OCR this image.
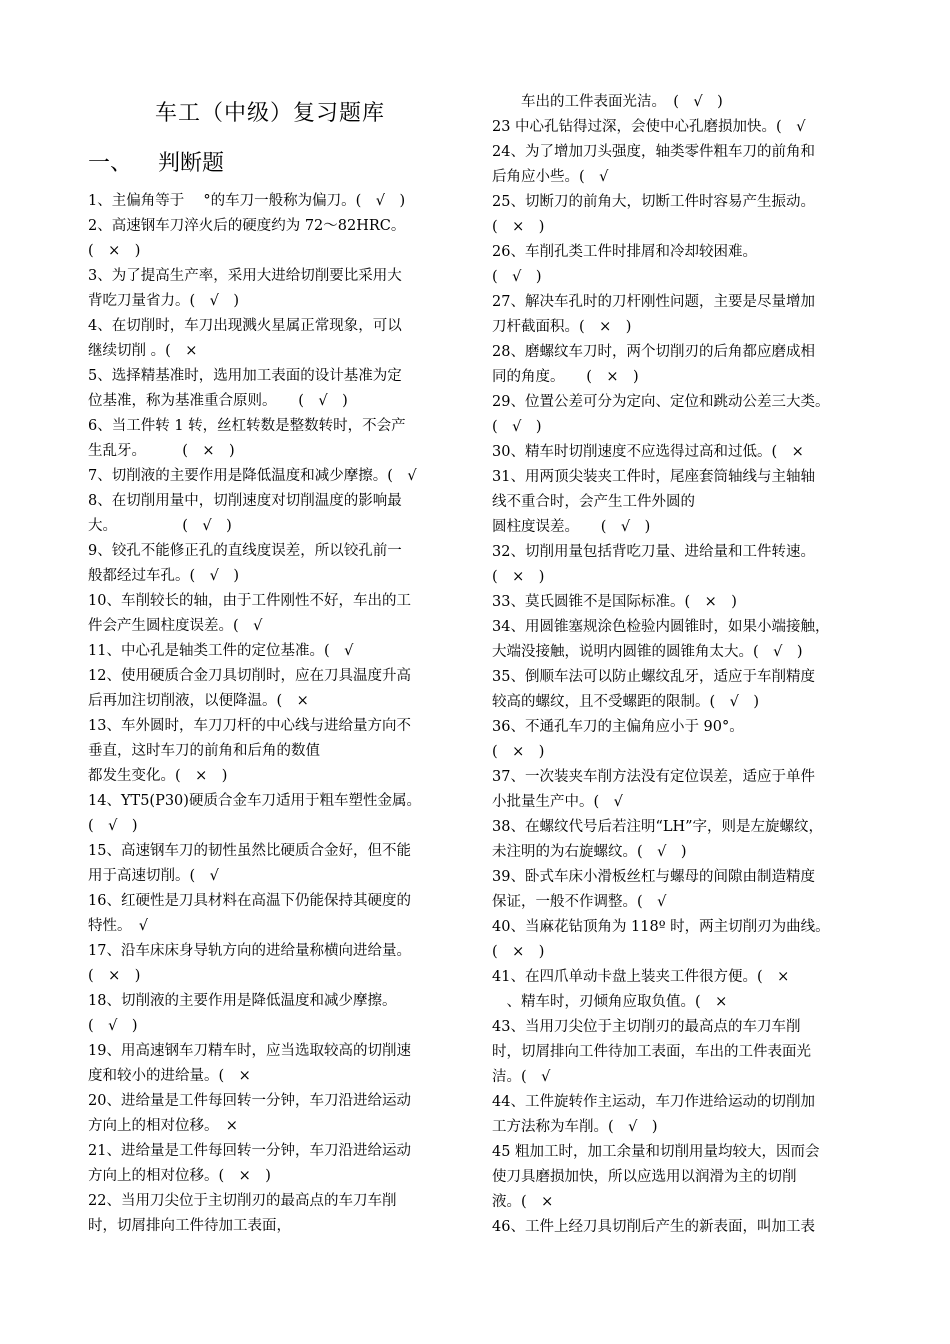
车工（中级）复习题库
一、 判断题
1、主偏角等于　 °的车刀一般称为偏刀。(　√　)
2、高速钢车刀淬火后的硬度约为 72～82HRC。
(　×　)
3、为了提高生产率，采用大进给切削要比采用大
背吃刀量省力。(　√　)
4、在切削时，车刀出现溅火星属正常现象，可以
继续切削 。(　×
5、选择精基准时，选用加工表面的设计基准为定
位基准，称为基准重合原则。　　(　√　)
6、当工件转 1 转，丝杠转数是整数转时，不会产
生乱牙。　　　(　×　)
7、切削液的主要作用是降低温度和减少摩擦。(　√
8、在切削用量中，切削速度对切削温度的影响最
大。　　　　　(　√　)
9、铰孔不能修正孔的直线度误差，所以铰孔前一
般都经过车孔。(　√　)
10、车削较长的轴，由于工件刚性不好，车出的工
件会产生圆柱度误差。(　√
11、中心孔是轴类工件的定位基准。(　√
12、使用硬质合金刀具切削时，应在刀具温度升高
后再加注切削液，以便降温。(　×
13、车外圆时，车刀刀杆的中心线与进给量方向不
垂直，这时车刀的前角和后角的数值
都发生变化。(　×　)
14、YT5(P30)硬质合金车刀适用于粗车塑性金属。
(　√　)
15、高速钢车刀的韧性虽然比硬质合金好，但不能
用于高速切削。(　√
16、红硬性是刀具材料在高温下仍能保持其硬度的
特性。　√
17、沿车床床身导轨方向的进给量称横向进给量。
(　×　)
18、切削液的主要作用是降低温度和减少摩擦。
(　√　)
19、用高速钢车刀精车时，应当选取较高的切削速
度和较小的进给量。(　×
20、进给量是工件每回转一分钟，车刀沿进给运动
方向上的相对位移。　×
21、进给量是工件每回转一分钟，车刀沿进给运动
方向上的相对位移。(　×　)
22、当用刀尖位于主切削刃的最高点的车刀车削
时，切屑排向工件待加工表面，
　　车出的工件表面光洁。　(　√　)
23 中心孔钻得过深，会使中心孔磨损加快。(　√
24、为了增加刀头强度，轴类零件粗车刀的前角和
后角应小些。(　√
25、切断刀的前角大，切断工件时容易产生振动。
(　×　)
26、车削孔类工件时排屑和冷却较困难。
(　√　)
27、解决车孔时的刀杆刚性问题，主要是尽量增加
刀杆截面积。(　×　)
28、磨螺纹车刀时，两个切削刃的后角都应磨成相
同的角度。　　(　×　)
29、位置公差可分为定向、定位和跳动公差三大类。
(　√　)
30、精车时切削速度不应选得过高和过低。(　×
31、用两顶尖装夹工件时，尾座套筒轴线与主轴轴
线不重合时，会产生工件外圆的
圆柱度误差。　　(　√　)
32、切削用量包括背吃刀量、进给量和工件转速。
(　×　)
33、莫氏圆锥不是国际标准。(　×　)
34、用圆锥塞规涂色检验内圆锥时，如果小端接触，
大端没接触，说明内圆锥的圆锥角太大。(　√　)
35、倒顺车法可以防止螺纹乱牙，适应于车削精度
较高的螺纹，且不受螺距的限制。(　√　)
36、不通孔车刀的主偏角应小于 90°。
(　×　)
37、一次装夹车削方法没有定位误差，适应于单件
小批量生产中。(　√
38、在螺纹代号后若注明“LH”字，则是左旋螺纹，
未注明的为右旋螺纹。(　√　)
39、卧式车床小滑板丝杠与螺母的间隙由制造精度
保证，一般不作调整。(　√
40、当麻花钻顶角为 118º 时，两主切削刃为曲线。
(　×　)
41、在四爪单动卡盘上装夹工件很方便。(　×
　、精车时，刃倾角应取负值。(　×
43、当用刀尖位于主切削刃的最高点的车刀车削
时，切屑排向工件待加工表面，车出的工件表面光
洁。(　√
44、工件旋转作主运动，车刀作进给运动的切削加
工方法称为车削。(　√　)
45 粗加工时，加工余量和切削用量均较大，因而会
使刀具磨损加快，所以应选用以润滑为主的切削
液。(　×
46、工件上经刀具切削后产生的新表面，叫加工表
